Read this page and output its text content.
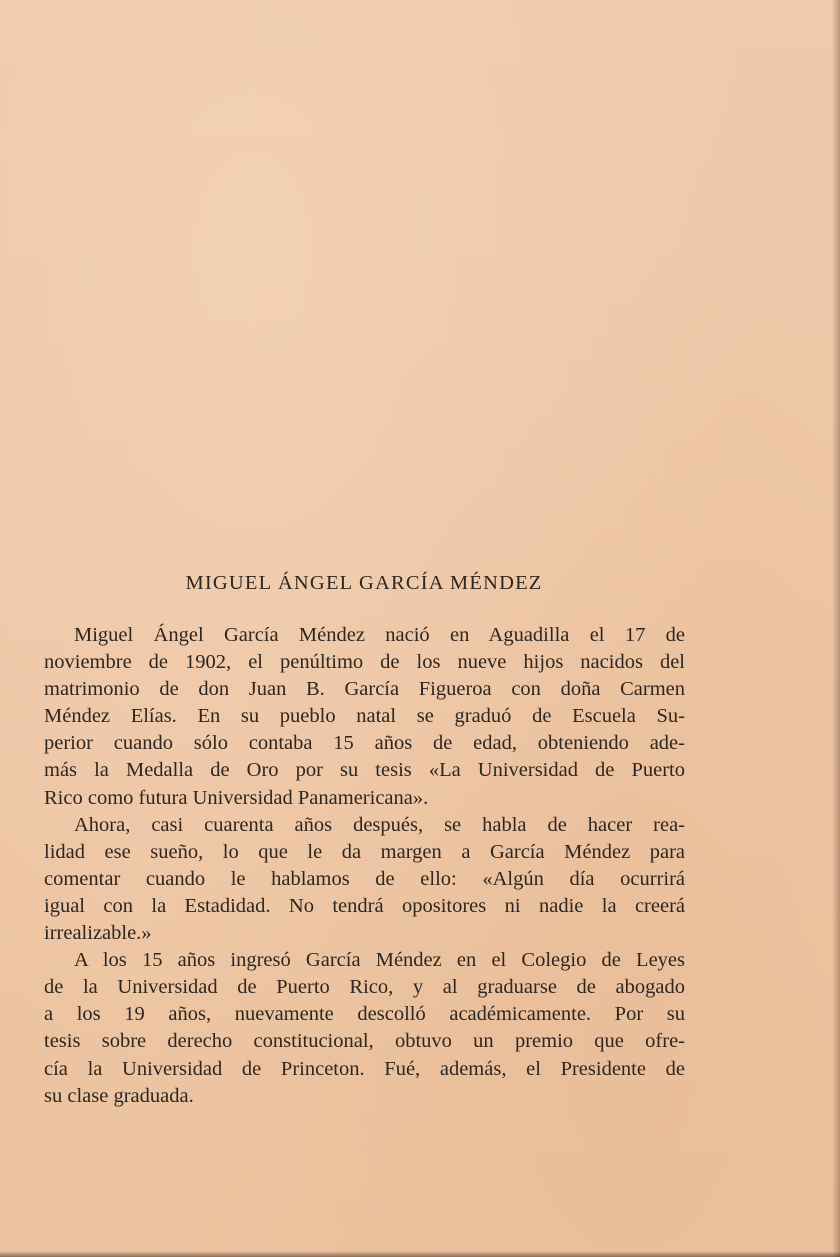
MIGUEL ÁNGEL GARCÍA MÉNDEZ
Miguel Ángel García Méndez nació en Aguadilla el 17 de
noviembre de 1902, el penúltimo de los nueve hijos nacidos del
matrimonio de don Juan B. García Figueroa con doña Carmen
Méndez Elías. En su pueblo natal se graduó de Escuela Su-
perior cuando sólo contaba 15 años de edad, obteniendo ade-
más la Medalla de Oro por su tesis «La Universidad de Puerto
Rico como futura Universidad Panamericana».
Ahora, casi cuarenta años después, se habla de hacer rea-
lidad ese sueño, lo que le da margen a García Méndez para
comentar cuando le hablamos de ello: «Algún día ocurrirá
igual con la Estadidad. No tendrá opositores ni nadie la creerá
irrealizable.»
A los 15 años ingresó García Méndez en el Colegio de Leyes
de la Universidad de Puerto Rico, y al graduarse de abogado
a los 19 años, nuevamente descolló académicamente. Por su
tesis sobre derecho constitucional, obtuvo un premio que ofre-
cía la Universidad de Princeton. Fué, además, el Presidente de
su clase graduada.
